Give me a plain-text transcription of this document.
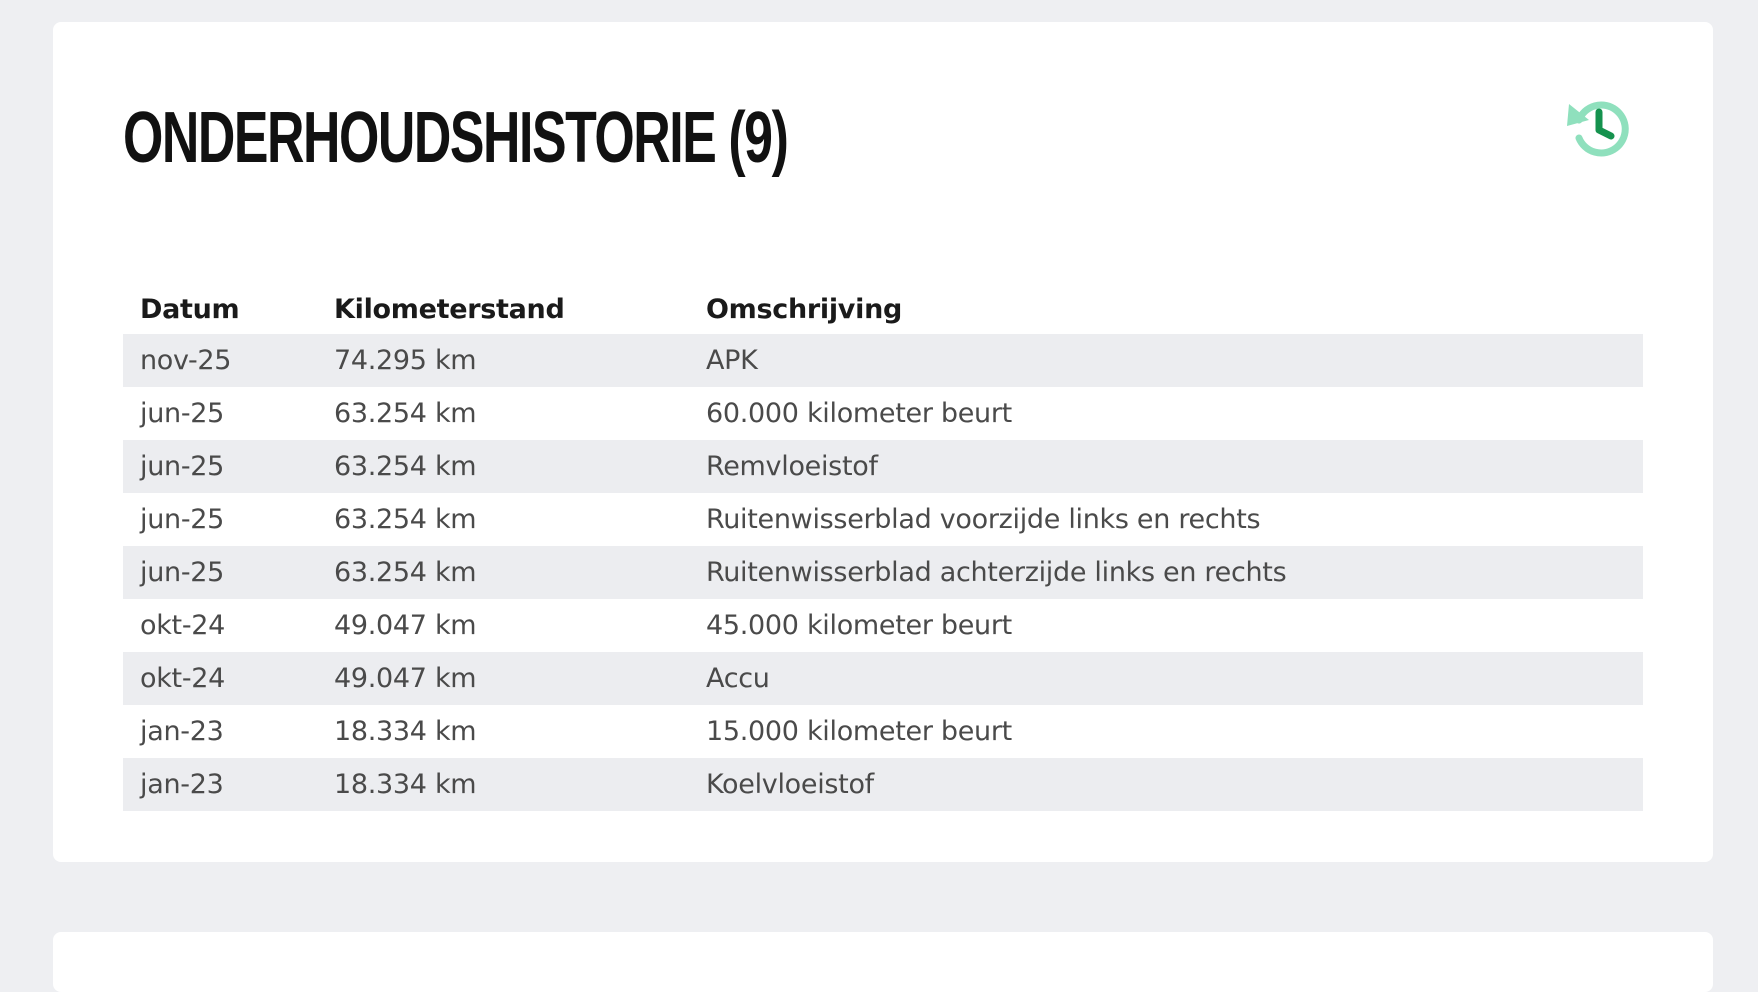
ONDERHOUDSHISTORIE (9)
Datum	Kilometerstand	Omschrijving
nov-25	74.295 km	APK
jun-25	63.254 km	60.000 kilometer beurt
jun-25	63.254 km	Remvloeistof
jun-25	63.254 km	Ruitenwisserblad voorzijde links en rechts
jun-25	63.254 km	Ruitenwisserblad achterzijde links en rechts
okt-24	49.047 km	45.000 kilometer beurt
okt-24	49.047 km	Accu
jan-23	18.334 km	15.000 kilometer beurt
jan-23	18.334 km	Koelvloeistof
